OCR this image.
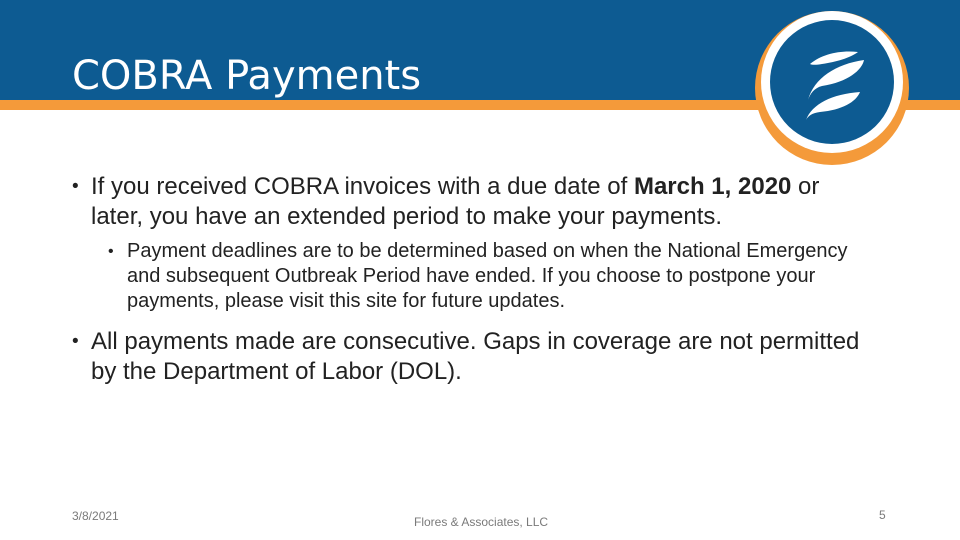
COBRA Payments
• If you received COBRA invoices with a due date of March 1, 2020 or later, you have an extended period to make your payments.
• Payment deadlines are to be determined based on when the National Emergency and subsequent Outbreak Period have ended. If you choose to postpone your payments, please visit this site for future updates.
• All payments made are consecutive. Gaps in coverage are not permitted by the Department of Labor (DOL).
3/8/2021	Flores & Associates, LLC	5
